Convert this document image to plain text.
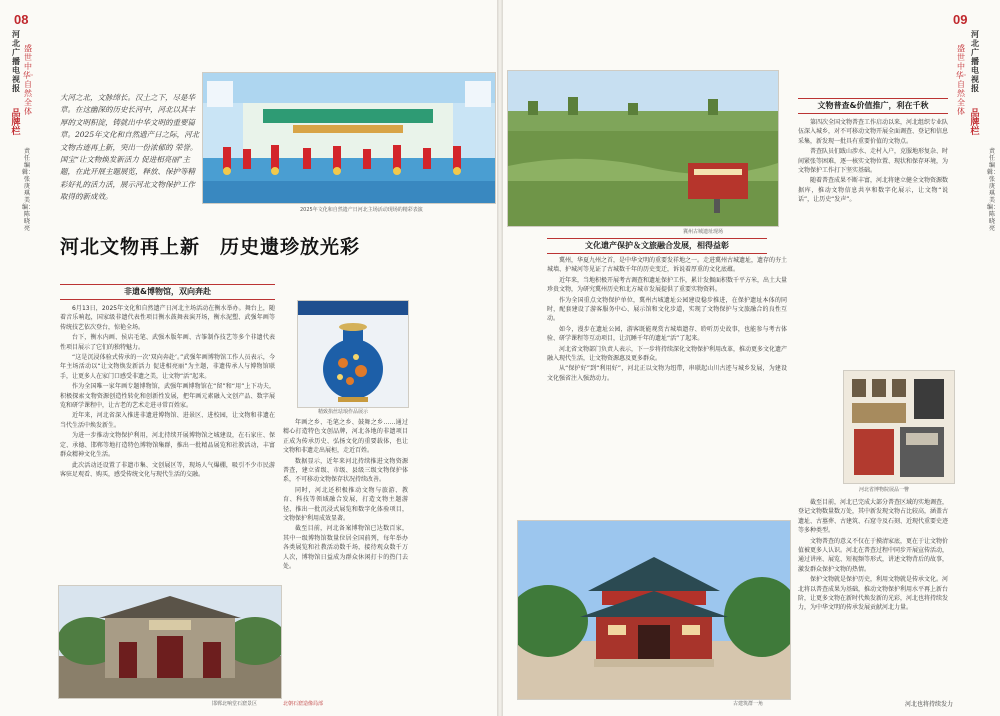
08
河北广播电视报
盛世中华·自然全体
品牌栏
责任编辑：张庚琪 美编：陈晓亮
大河之北，文脉绵长。汉土之下，尽是华章。在这幽深的历史长河中，河北以其丰厚的文明积淀，铸就出中华文明的重要篇章。2025年文化和自然遗产日之际，河北文物古迹再上新，突出一份浓郁的 荣誉。国宝“让文物焕发新活力 促进相亮丽”主题，在此开展主题展览，释放、保护等精彩好礼的活力活，展示河北文物保护工作取得的新成效。
2025年文化和自然遗产日河北主场活动现场的精彩表演
河北文物再上新　历史遗珍放光彩
非遗&博物馆，双向奔赴

6月13日，2025年文化和自然遗产日河北主场活动在衡水举办。舞台上，随着音乐响起，国家级非遗代表性项目衡水鼓舞表演开场，衡水泥塑、武强年画等传统技艺依次登台，惊艳全场。

台下，衡水内画、侯店毛笔、武强木版年画、古筝制作技艺等多个非遗代表性项目展示了它们的独特魅力。

“这是沉浸体验式传承的一次‘双向奔赴’。”武强年画博物馆工作人员表示，今年主场活动以“让文物焕发新活力 促进相亮丽”为主题，非遗传承人与博物馆联手，让更多人在家门口感受非遗之美，让文物“活”起来。

作为全国唯一家年画专题博物馆，武强年画博物馆在“留”和“用”上下功夫，积极探索文物资源创造性转化和创新性发展，把年画元素融入文创产品、数字展览和研学课程中，让古老的艺术走进寻常百姓家。

近年来，河北省深入推进非遗进博物馆、进景区、进校园，让文物和非遗在当代生活中焕发新生。

为进一步推动文物保护利用，河北持续开展博物馆之城建设，在石家庄、保定、承德、邯郸等地打造特色博物馆集群，推出一批精品展览和社教活动，丰富群众精神文化生活。

此次活动还设置了非遗市集、文创展区等，现场人气爆棚，吸引不少市民游客驻足观看、购买，感受传统文化与现代生活的交融。

精致掐丝珐琅作品展示

年画之乡、毛笔之乡、鼓舞之乡……通过精心打造特色文创品牌，河北各地的非遗项目正成为传承历史、弘扬文化的重要载体，也让文物和非遗走出展柜，走近百姓。

数据显示，近年来河北持续推进文物资源普查，建立省级、市级、县级三级文物保护体系，不可移动文物保存状况持续改善。

同时，河北还积极推动文物与旅游、教育、科技等领域融合发展，打造文物主题游径，推出一批沉浸式展览和数字化体验项目，文物保护利用成效显著。

截至目前，河北备案博物馆已达数百家，其中一级博物馆数量位居全国前列，每年举办各类展览和社教活动数千场，接待观众数千万人次，博物馆日益成为群众休闲打卡的热门去处。

邯郸北响堂石窟景区	北朝石窟造像局部
09
河北广播电视报
盛世中华·自然全体 品牌栏
责任编辑：张庚琪 美编：陈晓亮
冀州古城遗址现场
文化遗产保护＆文旅融合发展，相得益彰

冀州，华夏九州之首，是中华文明的重要发祥地之一。走进冀州古城遗址，遗存的夯土城墙、护城河等见证了古城数千年的历史变迁，诉说着厚重的文化底蕴。

近年来，当地积极开展考古调查和遗址保护工作，累计发掘面积数千平方米，出土大量珍贵文物，为研究冀州历史和北方城市发展提供了重要实物资料。

作为全国重点文物保护单位，冀州古城遗址公园建设稳步推进，在保护遗址本体的同时，配套建设了游客服务中心、展示馆和文化步道，实现了文物保护与文旅融合的良性互动。

如今，漫步在遗址公园，游客既能观赏古城墙遗存、聆听历史故事，也能参与考古体验、研学课程等互动项目，让沉睡千年的遗址“活”了起来。

河北省文物部门负责人表示，下一步将持续深化文物保护利用改革，推动更多文化遗产融入现代生活，让文物资源惠及更多群众。

从“保护好”到“利用好”，河北正以文物为纽带，串联起山川古迹与城乡发展，为建设文化强省注入强劲动力。

古建筑群一角
文物普查&价值推广，利在千秋

第四次全国文物普查工作启动以来，河北组织专业队伍深入城乡，对不可移动文物开展全面调查、登记和信息采集，新发现一批具有重要价值的文物点。

普查队员们跋山涉水、走村入户，克服地形复杂、时间紧张等困难，逐一核实文物位置、现状和保存环境，为文物保护工作打下坚实基础。

随着普查成果不断丰富，河北将建立健全文物资源数据库，推动文物信息共享和数字化展示，让文物“说话”，让历史“发声”。

河北省博物院展品一瞥

截至目前，河北已完成大部分普查区域的实地调查，登记文物数量数万处，其中新发现文物占比较高，涵盖古遗址、古墓葬、古建筑、石窟寺及石刻、近现代重要史迹等多种类型。

文物普查的意义不仅在于摸清家底，更在于让文物价值被更多人认识。河北在普查过程中同步开展宣传活动，通过讲座、展览、短视频等形式，讲述文物背后的故事，激发群众保护文物的热情。

保护文物就是保护历史，利用文物就是传承文化。河北将以普查成果为基础，推动文物保护利用水平再上新台阶，让更多文物在新时代焕发新的光彩，河北也将持续发力，为中华文明的传承发展贡献河北力量。

河北也将持续发力
